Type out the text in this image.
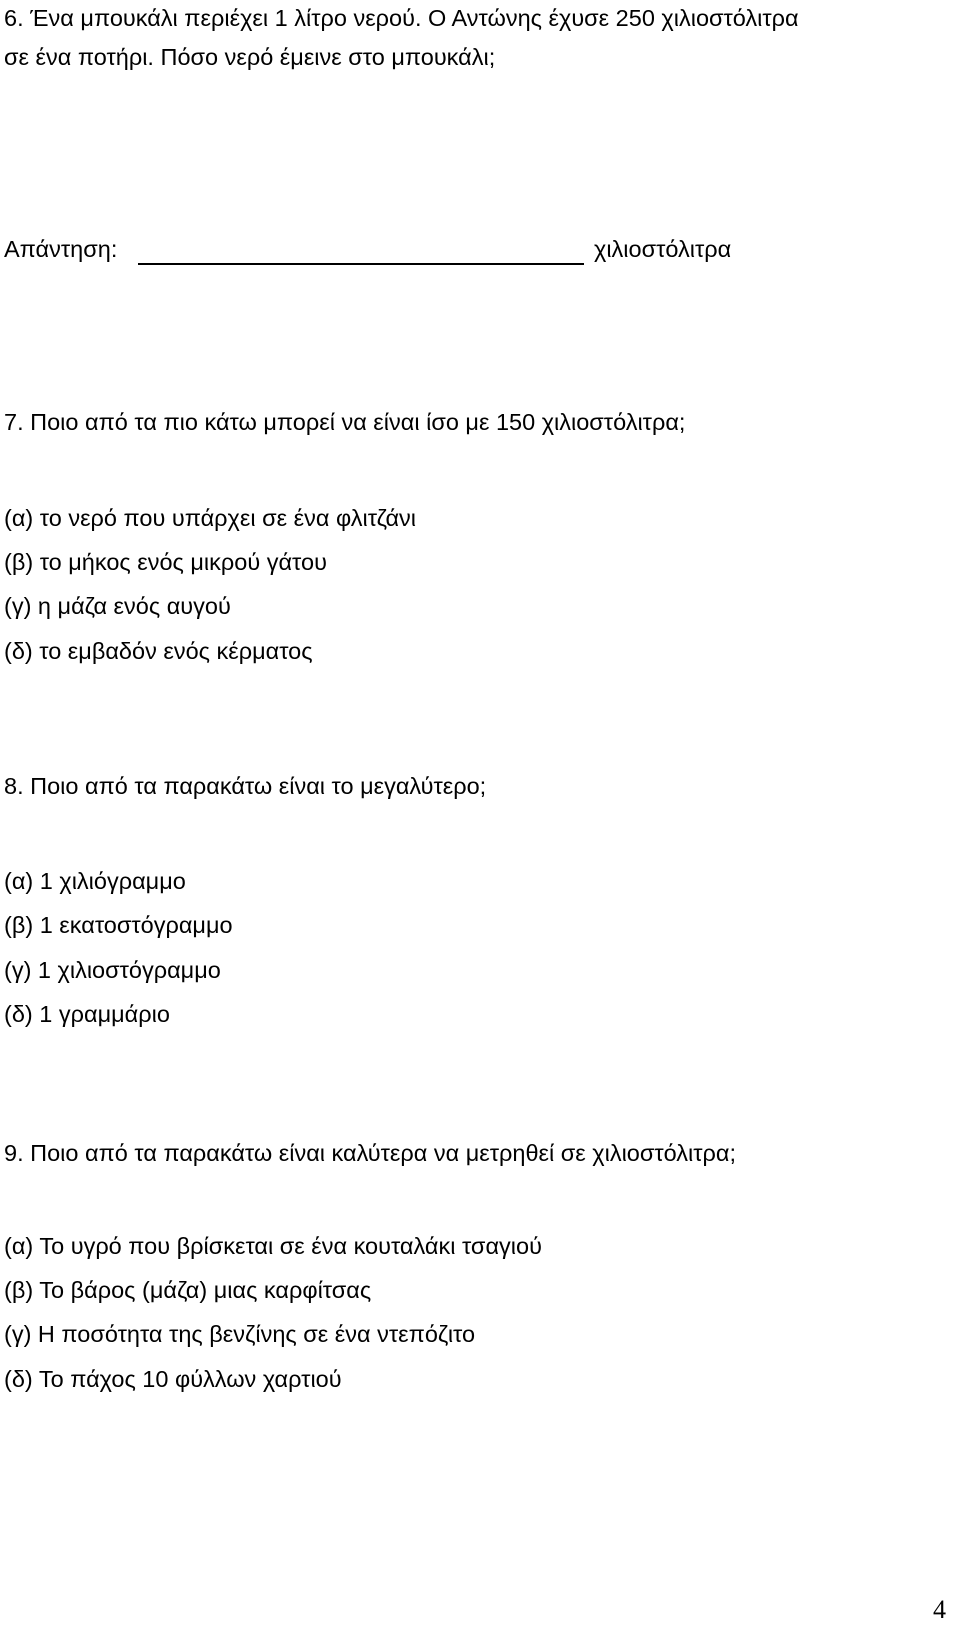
6. Ένα μπουκάλι περιέχει 1 λίτρο νερού. Ο Αντώνης έχυσε 250 χιλιοστόλιτρα

σε ένα ποτήρι. Πόσο νερό έμεινε στο μπουκάλι;

Απάντηση:	χιλιοστόλιτρα

7. Ποιο από τα πιο κάτω μπορεί να είναι ίσο με 150 χιλιοστόλιτρα;

(α) το νερό που υπάρχει σε ένα φλιτζάνι

(β) το μήκος ενός μικρού γάτου

(γ) η μάζα ενός αυγού

(δ) το εμβαδόν ενός κέρματος

8. Ποιο από τα παρακάτω είναι το μεγαλύτερο;

(α) 1 χιλιόγραμμο

(β) 1 εκατοστόγραμμο

(γ) 1 χιλιοστόγραμμο

(δ) 1 γραμμάριο

9. Ποιο από τα παρακάτω είναι καλύτερα να μετρηθεί σε χιλιοστόλιτρα;

(α) Το υγρό που βρίσκεται σε ένα κουταλάκι τσαγιού

(β) Το βάρος (μάζα) μιας καρφίτσας

(γ) Η ποσότητα της βενζίνης σε ένα ντεπόζιτο

(δ) Το πάχος 10 φύλλων χαρτιού

4
